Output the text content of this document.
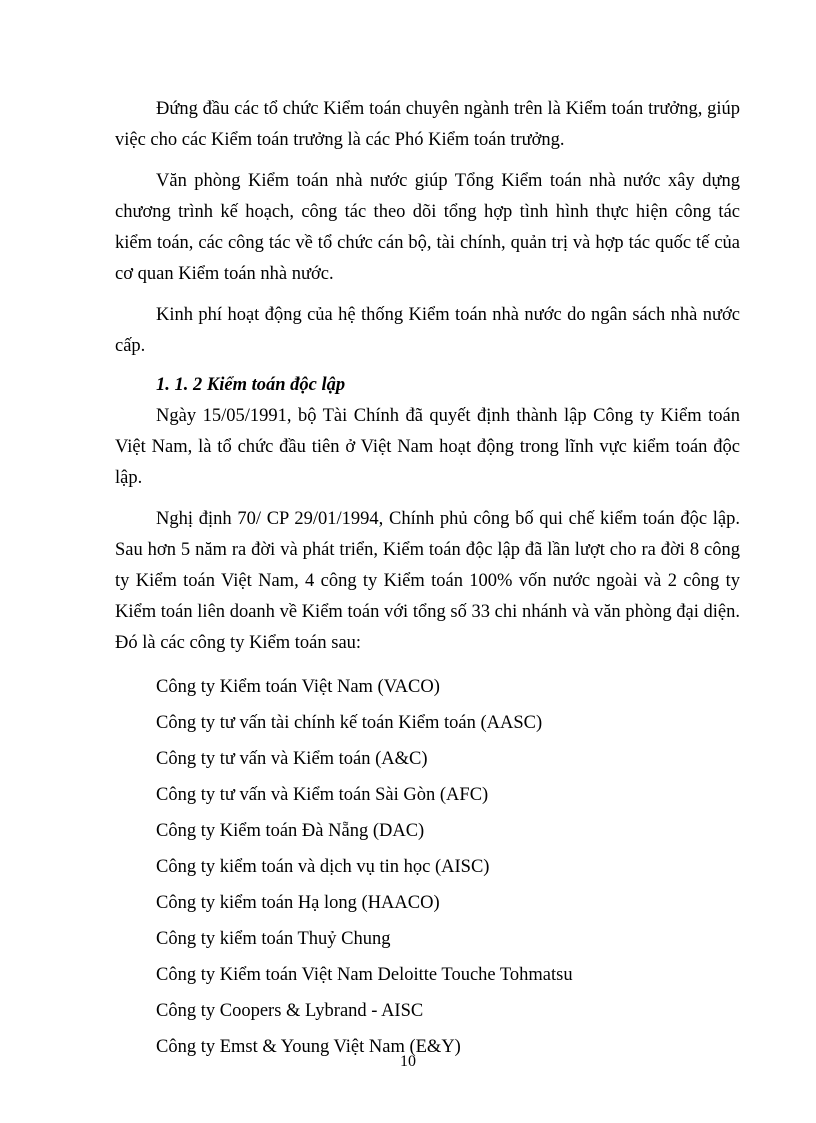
Đứng đầu các tổ chức Kiểm toán chuyên ngành trên là Kiểm toán trưởng, giúp việc cho các Kiểm toán trưởng là các Phó Kiểm toán trưởng.

Văn phòng Kiểm toán nhà nước giúp Tổng Kiểm toán nhà nước xây dựng chương trình kế hoạch, công tác theo dõi tổng hợp tình hình thực hiện công tác kiểm toán, các công tác về tổ chức cán bộ, tài chính, quản trị và hợp tác quốc tế của cơ quan Kiểm toán nhà nước.

Kinh phí hoạt động của hệ thống Kiểm toán nhà nước do ngân sách nhà nước cấp.

1. 1. 2 Kiểm toán độc lập

Ngày 15/05/1991, bộ Tài Chính đã quyết định thành lập Công ty Kiểm toán Việt Nam, là tổ chức đầu tiên ở Việt Nam hoạt động trong lĩnh vực kiểm toán độc lập.

Nghị định 70/ CP 29/01/1994, Chính phủ công bố qui chế kiểm toán độc lập. Sau hơn 5 năm ra đời và phát triển, Kiểm toán độc lập đã lần lượt cho ra đời 8 công ty Kiểm toán Việt Nam, 4 công ty Kiểm toán 100% vốn nước ngoài và 2 công ty Kiểm toán liên doanh về Kiểm toán với tổng số 33 chi nhánh và văn phòng đại diện. Đó là các công ty Kiểm toán sau:

Công ty Kiểm toán Việt Nam (VACO)
Công ty tư vấn tài chính kế toán Kiểm toán (AASC)
Công ty tư vấn và Kiểm toán (A&C)
Công ty tư vấn và Kiểm toán Sài Gòn (AFC)
Công ty Kiểm toán Đà Nẵng (DAC)
Công ty kiểm toán và dịch vụ tin học (AISC)
Công ty kiểm toán Hạ long (HAACO)
Công ty kiểm toán Thuỷ Chung
Công ty Kiểm toán Việt Nam Deloitte Touche Tohmatsu
Công ty Coopers & Lybrand - AISC
Công ty Emst & Young Việt Nam (E&Y)
10
